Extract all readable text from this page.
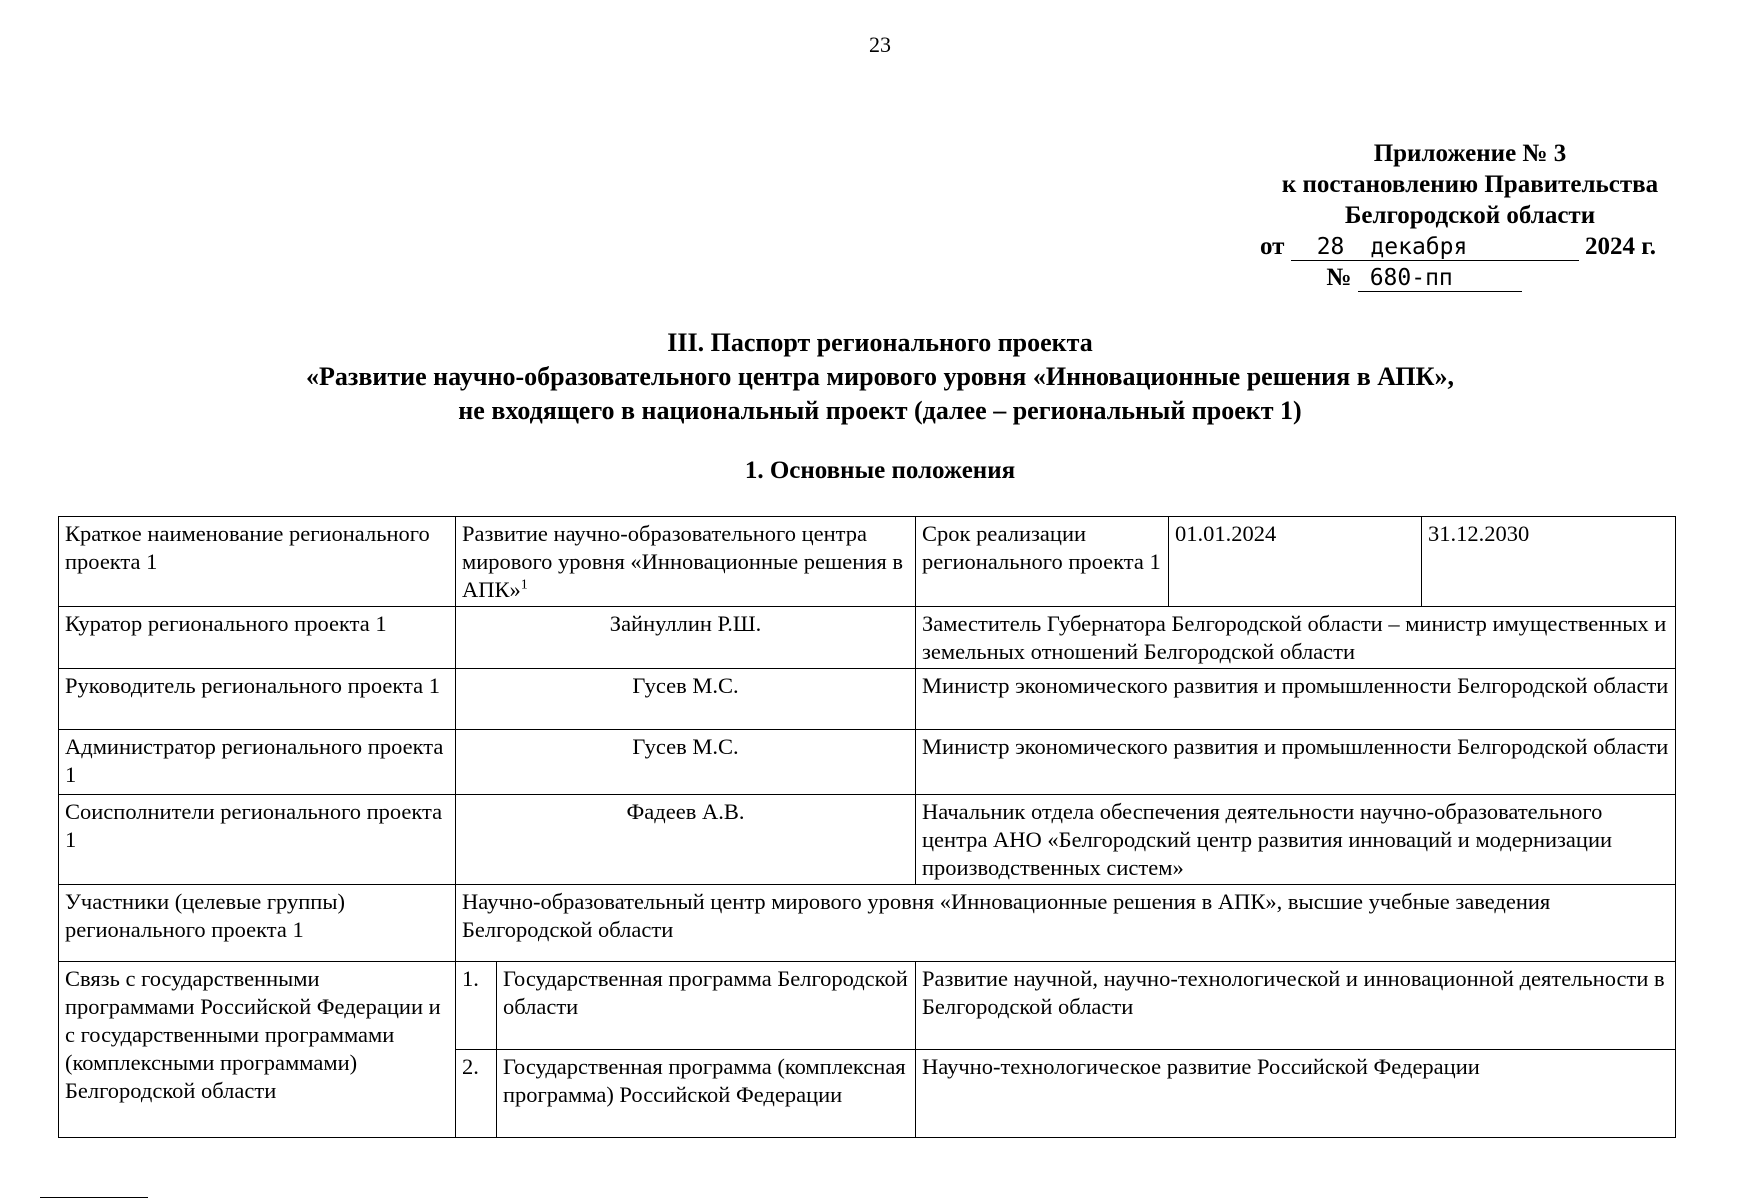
23
Приложение № 3
к постановлению Правительства
Белгородской области
от 28 декабря	2024 г.
№ 680-пп
III. Паспорт регионального проекта
«Развитие научно-образовательного центра мирового уровня «Инновационные решения в АПК»,
не входящего в национальный проект (далее – региональный проект 1)
1. Основные положения
Краткое наименование регионального проекта 1	Развитие научно-образовательного центра мирового уровня «Инновационные решения в АПК»$^1$		Срок реализации регионального проекта 1	01.01.2024	31.12.2030
Куратор регионального проекта 1	Зайнуллин Р.Ш.		Заместитель Губернатора Белгородской области – министр имущественных и земельных отношений Белгородской области		
Руководитель регионального проекта 1	Гусев М.С.		Министр экономического развития и промышленности Белгородской области		
Администратор регионального проекта 1	Гусев М.С.		Министр экономического развития и промышленности Белгородской области		
Соисполнители регионального проекта 1	Фадеев А.В.		Начальник отдела обеспечения деятельности научно-образовательного центра АНО «Белгородский центр развития инноваций и модернизации производственных систем»		
Участники (целевые группы) регионального проекта 1	Научно-образовательный центр мирового уровня «Инновационные решения в АПК», высшие учебные заведения Белгородской области				
Связь с государственными программами Российской Федерации и с государственными программами (комплексными программами) Белгородской области	1.	Государственная программа Белгородской области	Развитие научной, научно-технологической и инновационной деятельности в Белгородской области		
	2.	Государственная программа (комплексная программа) Российской Федерации	Научно-технологическое развитие Российской Федерации		
